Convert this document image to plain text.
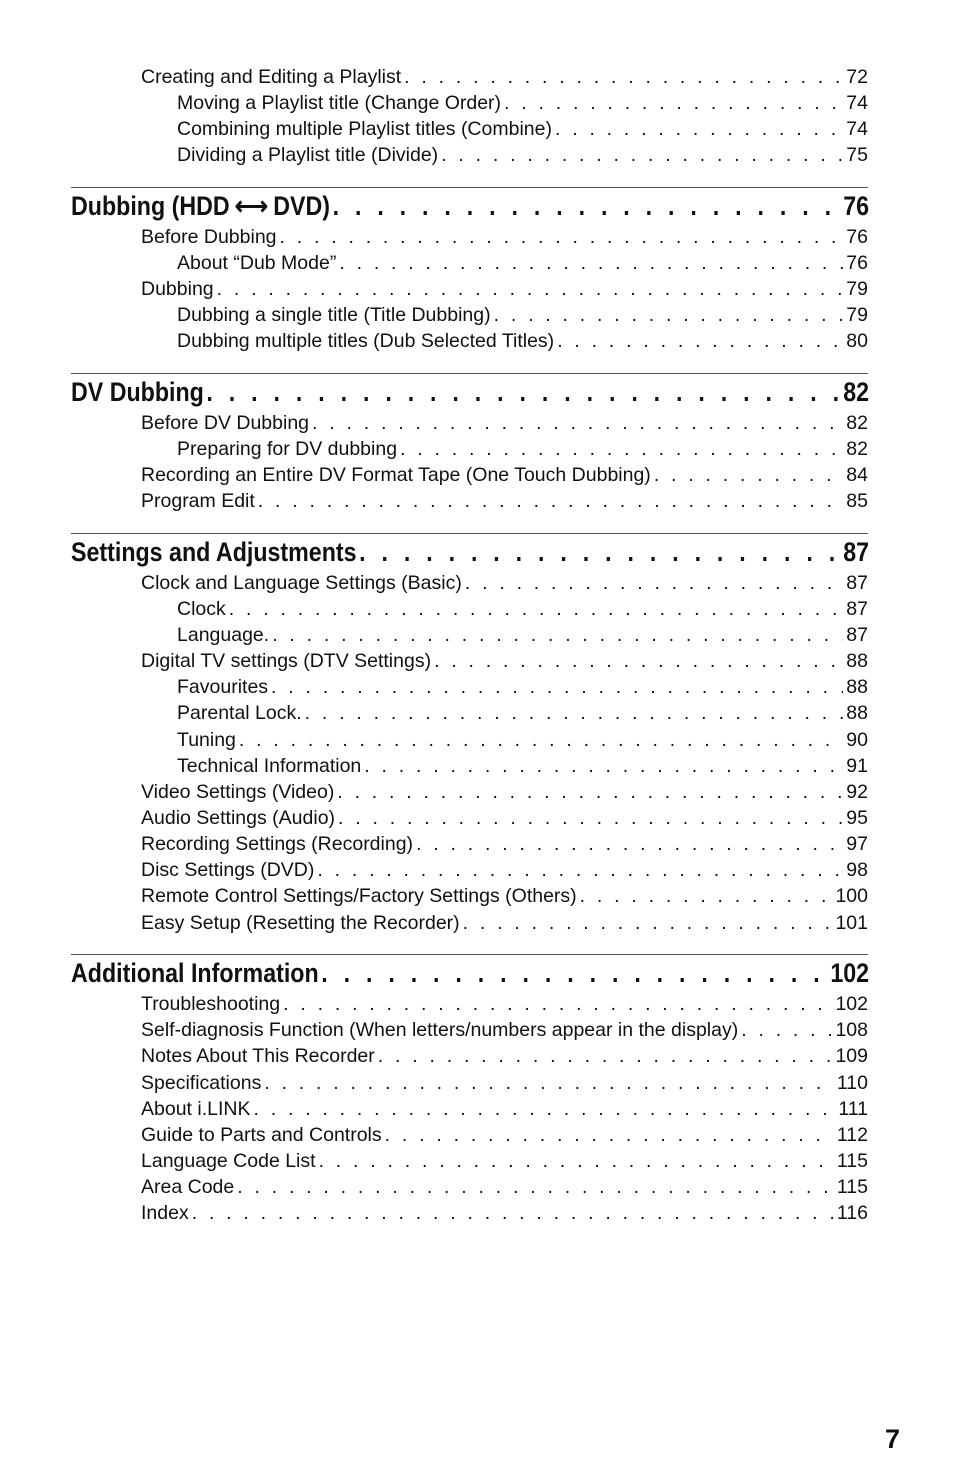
Creating and Editing a Playlist . . .	72
Moving a Playlist title (Change Order) . . .	74
Combining multiple Playlist titles (Combine) . . .	74
Dividing a Playlist title (Divide) . . .	75
Dubbing (HDD ⟷ DVD) . . .	76
Before Dubbing . . .	76
About “Dub Mode” . . .	76
Dubbing . . .	79
Dubbing a single title (Title Dubbing) . . .	79
Dubbing multiple titles (Dub Selected Titles) . . .	80
DV Dubbing . . .	82
Before DV Dubbing . . .	82
Preparing for DV dubbing . . .	82
Recording an Entire DV Format Tape (One Touch Dubbing) . . .	84
Program Edit . . .	85
Settings and Adjustments . . .	87
Clock and Language Settings (Basic) . . .	87
Clock . . .	87
Language. . . .	87
Digital TV settings (DTV Settings) . . .	88
Favourites . . .	88
Parental Lock. . . .	88
Tuning . . .	90
Technical Information . . .	91
Video Settings (Video) . . .	92
Audio Settings (Audio) . . .	95
Recording Settings (Recording) . . .	97
Disc Settings (DVD) . . .	98
Remote Control Settings/Factory Settings (Others) . . .	100
Easy Setup (Resetting the Recorder) . . .	101
Additional Information . . .	102
Troubleshooting . . .	102
Self-diagnosis Function (When letters/numbers appear in the display) . . .	108
Notes About This Recorder . . .	109
Specifications . . .	110
About i.LINK . . .	111
Guide to Parts and Controls . . .	112
Language Code List . . .	115
Area Code . . .	115
Index . . .	116
7
